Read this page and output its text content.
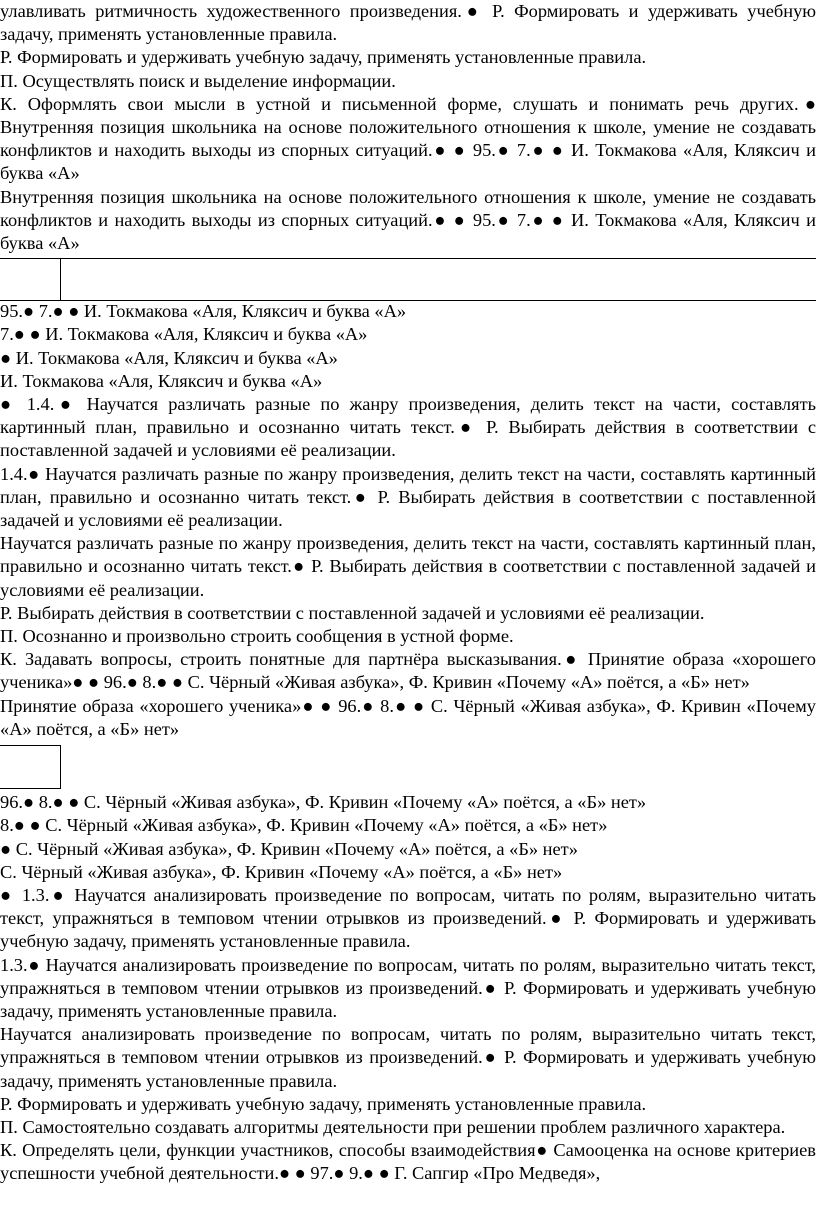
улавливать ритмичность художественного произведения.● Р. Формировать и удерживать учебную задачу, применять установленные правила.

Р. Формировать и удерживать учебную задачу, применять установленные правила.

П. Осуществлять поиск и выделение информации.

К. Оформлять свои мысли в устной и письменной форме, слушать и понимать речь других.● Внутренняя позиция школьника на основе положительного отношения к школе, умение не создавать конфликтов и находить выходы из спорных ситуаций.● ● 95.● 7.● ● И. Токмакова «Аля, Кляксич и буква «А»

Внутренняя позиция школьника на основе положительного отношения к школе, умение не создавать конфликтов и находить выходы из спорных ситуаций.● ● 95.● 7.● ● И. Токмакова «Аля, Кляксич и буква «А»

95.● 7.● ● И. Токмакова «Аля, Кляксич и буква «А»

7.● ● И. Токмакова «Аля, Кляксич и буква «А»

● И. Токмакова «Аля, Кляксич и буква «А»

И. Токмакова «Аля, Кляксич и буква «А»

● 1.4.● Научатся различать разные по жанру произведения, делить текст на части, составлять картинный план, правильно и осознанно читать текст.● Р. Выбирать действия в соответствии с поставленной задачей и условиями её реализации.

1.4.● Научатся различать разные по жанру произведения, делить текст на части, составлять картинный план, правильно и осознанно читать текст.● Р. Выбирать действия в соответствии с поставленной задачей и условиями её реализации.

Научатся различать разные по жанру произведения, делить текст на части, составлять картинный план, правильно и осознанно читать текст.● Р. Выбирать действия в соответствии с поставленной задачей и условиями её реализации.

Р. Выбирать действия в соответствии с поставленной задачей и условиями её реализации.

П. Осознанно и произвольно строить сообщения в устной форме.

К. Задавать вопросы, строить понятные для партнёра высказывания.● Принятие образа «хорошего ученика»● ● 96.● 8.● ● С. Чёрный «Живая азбука», Ф. Кривин «Почему «А» поётся, а «Б» нет»

Принятие образа «хорошего ученика»● ● 96.● 8.● ● С. Чёрный «Живая азбука», Ф. Кривин «Почему «А» поётся, а «Б» нет»

96.● 8.● ● С. Чёрный «Живая азбука», Ф. Кривин «Почему «А» поётся, а «Б» нет»

8.● ● С. Чёрный «Живая азбука», Ф. Кривин «Почему «А» поётся, а «Б» нет»

● С. Чёрный «Живая азбука», Ф. Кривин «Почему «А» поётся, а «Б» нет»

С. Чёрный «Живая азбука», Ф. Кривин «Почему «А» поётся, а «Б» нет»

● 1.3.● Научатся анализировать произведение по вопросам, читать по ролям, выразительно читать текст, упражняться в темповом чтении отрывков из произведений.● Р. Формировать и удерживать учебную задачу, применять установленные правила.

1.3.● Научатся анализировать произведение по вопросам, читать по ролям, выразительно читать текст, упражняться в темповом чтении отрывков из произведений.● Р. Формировать и удерживать учебную задачу, применять установленные правила.

Научатся анализировать произведение по вопросам, читать по ролям, выразительно читать текст, упражняться в темповом чтении отрывков из произведений.● Р. Формировать и удерживать учебную задачу, применять установленные правила.

Р. Формировать и удерживать учебную задачу, применять установленные правила.

П. Самостоятельно создавать алгоритмы деятельности при решении проблем различного характера.

К. Определять цели, функции участников, способы взаимодействия● Самооценка на основе критериев успешности учебной деятельности.● ● 97.● 9.● ● Г. Сапгир «Про Медведя»,
